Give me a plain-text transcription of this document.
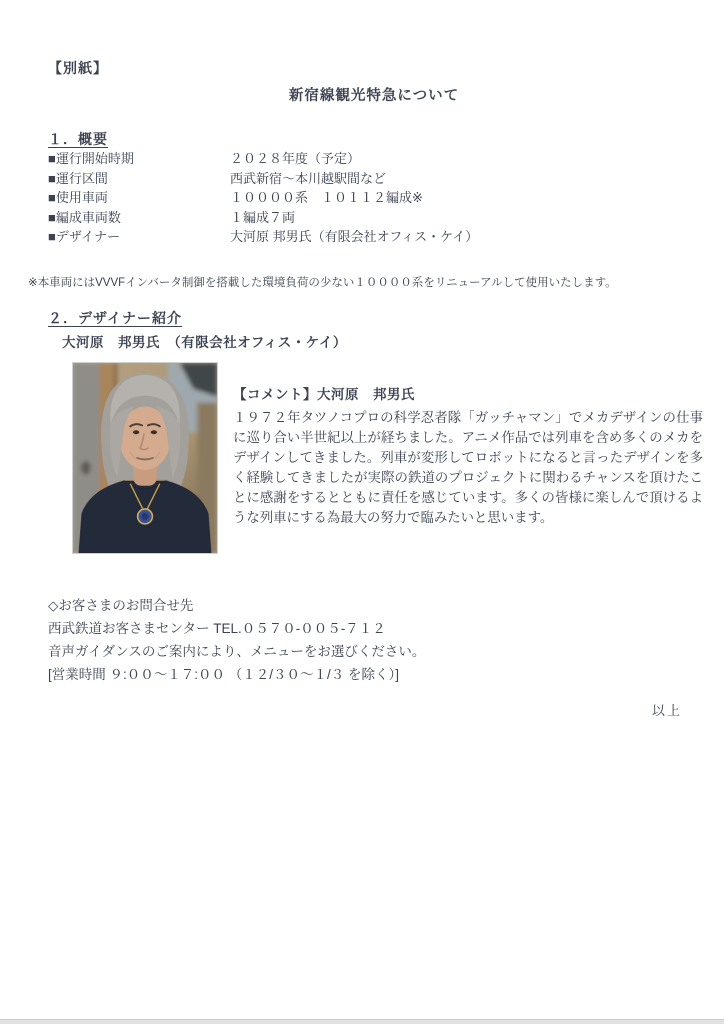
【別紙】
新宿線観光特急について
１．概要
■運行開始時期	２０２８年度（予定）
■運行区間	西武新宿～本川越駅間など
■使用車両	１００００系　１０１１２編成※
■編成車両数	１編成７両
■デザイナー	大河原 邦男氏（有限会社オフィス・ケイ）
※本車両にはVVVFインバータ制御を搭載した環境負荷の少ない１００００系をリニューアルして使用いたします。
２．デザイナー紹介
大河原　邦男氏　（有限会社オフィス・ケイ）
【コメント】大河原　邦男氏
１９７２年タツノコプロの科学忍者隊「ガッチャマン」でメカデザインの仕事に巡り合い半世紀以上が経ちました。アニメ作品では列車を含め多くのメカをデザインしてきました。列車が変形してロボットになると言ったデザインを多く経験してきましたが実際の鉄道のプロジェクトに関わるチャンスを頂けたことに感謝をするとともに責任を感じています。多くの皆様に楽しんで頂けるような列車にする為最大の努力で臨みたいと思います。
◇お客さまのお問合せ先
西武鉄道お客さまセンター TEL.０５７０-００５-７１２
音声ガイダンスのご案内により、メニューをお選びください。
[営業時間 ９:００～１７:００ （１２/３０～１/３ を除く）]
以上
